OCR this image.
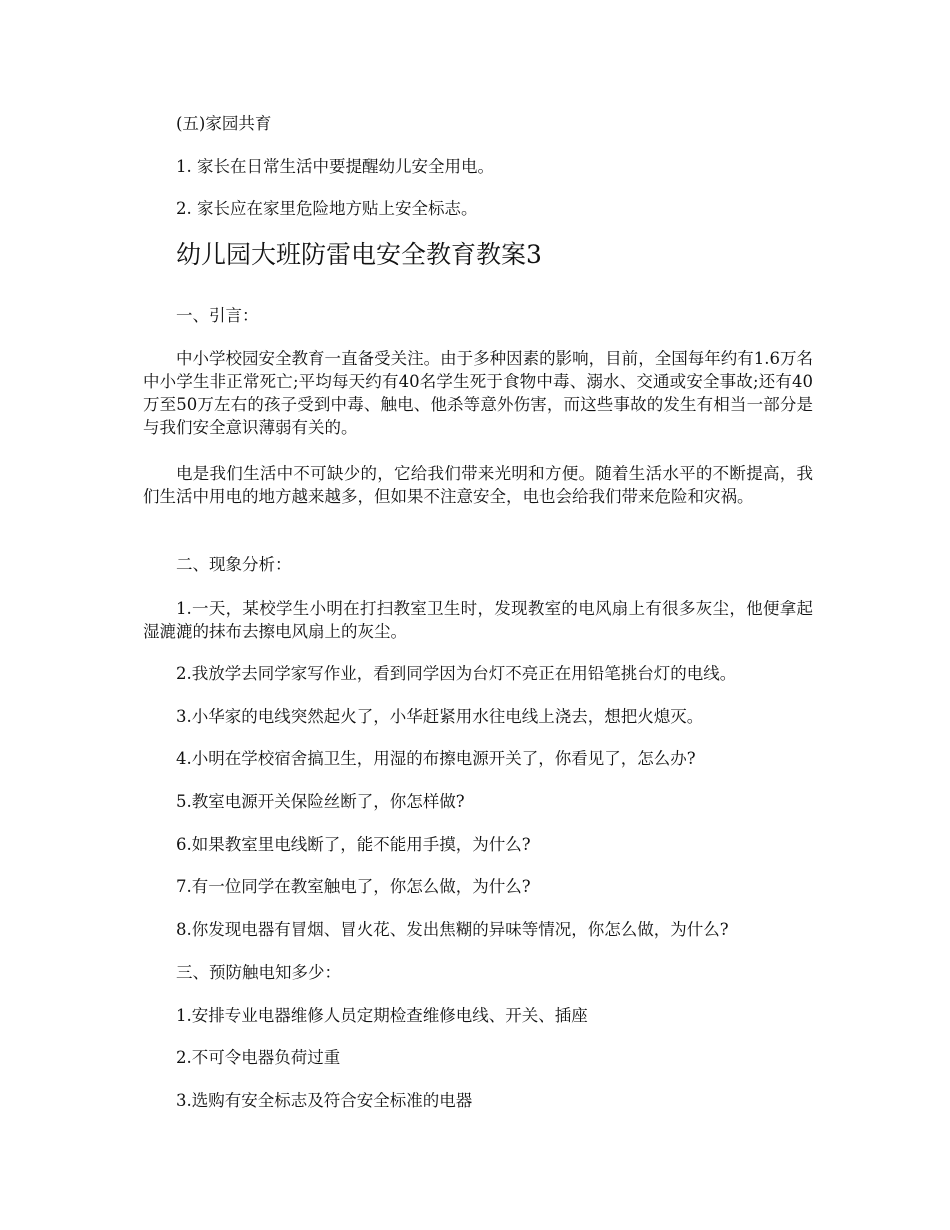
(五)家园共育

1. 家长在日常生活中要提醒幼儿安全用电。

2. 家长应在家里危险地方贴上安全标志。

幼儿园大班防雷电安全教育教案3

一、引言：

中小学校园安全教育一直备受关注。由于多种因素的影响，目前，全国每年约有1.6万名中小学生非正常死亡;平均每天约有40名学生死于食物中毒、溺水、交通或安全事故;还有40万至50万左右的孩子受到中毒、触电、他杀等意外伤害，而这些事故的发生有相当一部分是与我们安全意识薄弱有关的。

电是我们生活中不可缺少的，它给我们带来光明和方便。随着生活水平的不断提高，我们生活中用电的地方越来越多，但如果不注意安全，电也会给我们带来危险和灾祸。

二、现象分析：

1.一天，某校学生小明在打扫教室卫生时，发现教室的电风扇上有很多灰尘，他便拿起湿漉漉的抹布去擦电风扇上的灰尘。

2.我放学去同学家写作业，看到同学因为台灯不亮正在用铅笔挑台灯的电线。

3.小华家的电线突然起火了，小华赶紧用水往电线上浇去，想把火熄灭。

4.小明在学校宿舍搞卫生，用湿的布擦电源开关了，你看见了，怎么办?

5.教室电源开关保险丝断了，你怎样做?

6.如果教室里电线断了，能不能用手摸，为什么?

7.有一位同学在教室触电了，你怎么做，为什么?

8.你发现电器有冒烟、冒火花、发出焦糊的异味等情况，你怎么做，为什么?

三、预防触电知多少：

1.安排专业电器维修人员定期检查维修电线、开关、插座

2.不可令电器负荷过重

3.选购有安全标志及符合安全标准的电器
